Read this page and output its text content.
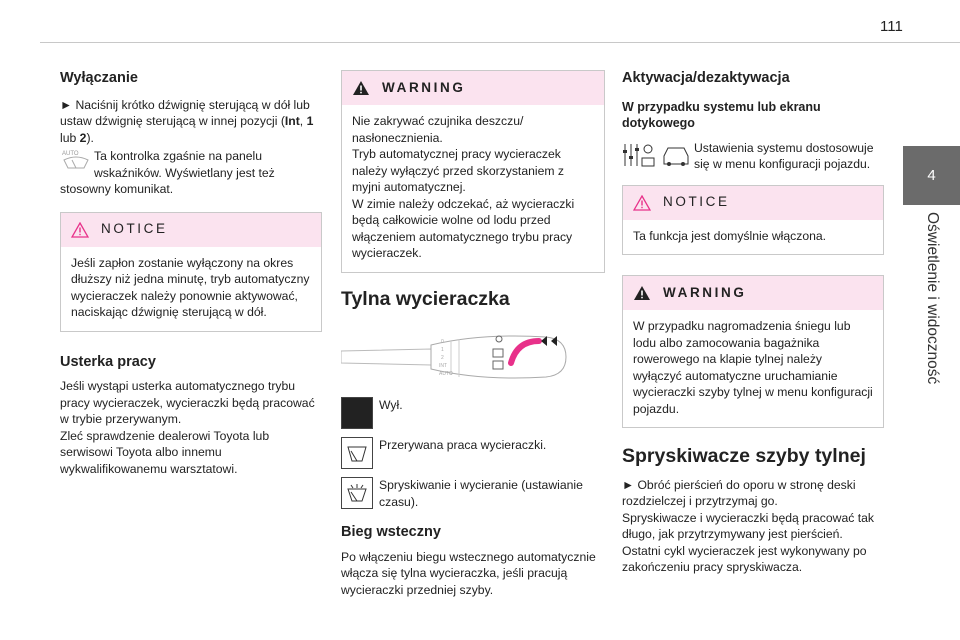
111
4
Oświetlenie i widoczność
Wyłączanie

► Naciśnij krótko dźwignię sterującą w dół lub ustaw dźwignię sterującą w innej pozycji (Int, 1 lub 2).

AUTO	Ta kontrolka zgaśnie na panelu wskaźników. Wyświetlany jest też stosowny komunikat.

NOTICE

Jeśli zapłon zostanie wyłączony na okres dłuższy niż jedna minutę, tryb automatyczny wycieraczek należy ponownie aktywować, naciskając dźwignię sterującą w dół.

Usterka pracy

Jeśli wystąpi usterka automatycznego trybu pracy wycieraczek, wycieraczki będą pracować w trybie przerywanym.

Zleć sprawdzenie dealerowi Toyota lub serwisowi Toyota albo innemu wykwalifikowanemu warsztatowi.

WARNING

Nie zakrywać czujnika deszczu/ nasłonecznienia.

Tryb automatycznej pracy wycieraczek należy wyłączyć przed skorzystaniem z myjni automatycznej.

W zimie należy odczekać, aż wycieraczki będą całkowicie wolne od lodu przed włączeniem automatycznego trybu pracy wycieraczek.

Tylna wycieraczka
0
1
2
INT
AUTO

Wył.

Przerywana praca wycieraczki.

Spryskiwanie i wycieranie (ustawianie czasu).

Bieg wsteczny

Po włączeniu biegu wstecznego automatycznie włącza się tylna wycieraczka, jeśli pracują wycieraczki przedniej szyby.

Aktywacja/dezaktywacja
W przypadku systemu lub ekranu dotykowego

Ustawienia systemu dostosowuje się w menu konfiguracji pojazdu.

NOTICE

Ta funkcja jest domyślnie włączona.

WARNING

W przypadku nagromadzenia śniegu lub lodu albo zamocowania bagażnika rowerowego na klapie tylnej należy wyłączyć automatyczne uruchamianie wycieraczki szyby tylnej w menu konfiguracji pojazdu.

Spryskiwacze szyby tylnej

► Obróć pierścień do oporu w stronę deski rozdzielczej i przytrzymaj go.

Spryskiwacze i wycieraczki będą pracować tak długo, jak przytrzymywany jest pierścień.

Ostatni cykl wycieraczek jest wykonywany po zakończeniu pracy spryskiwacza.
